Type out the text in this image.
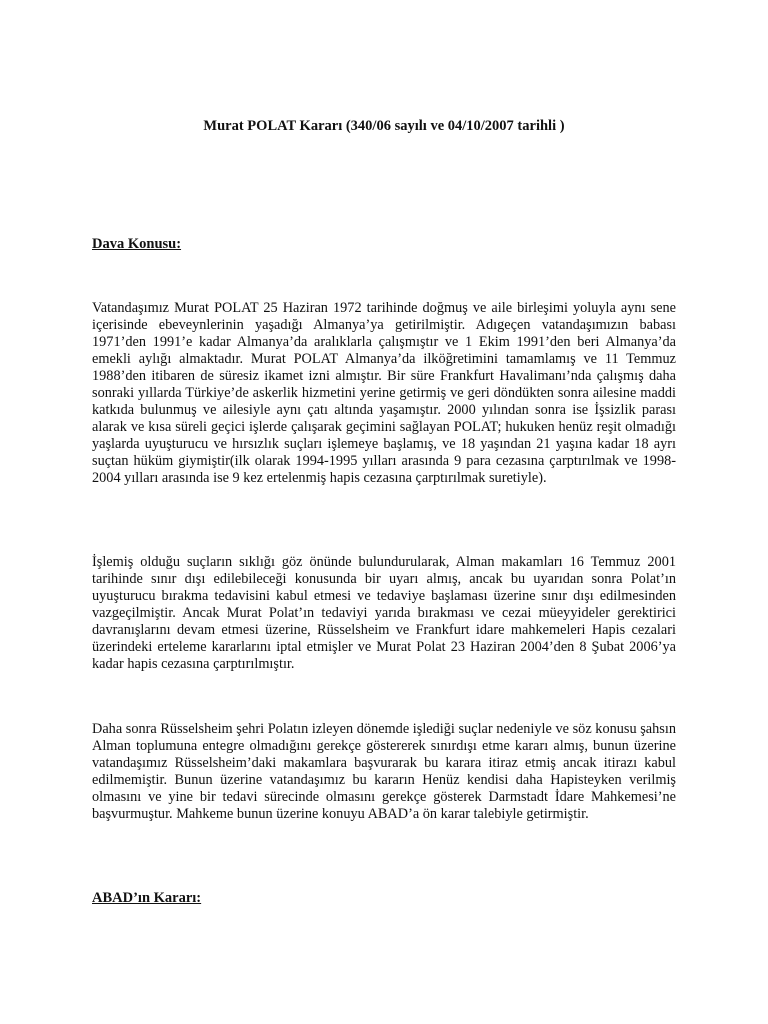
Murat POLAT Kararı (340/06 sayılı ve 04/10/2007 tarihli )
Dava Konusu:

Vatandaşımız Murat POLAT 25 Haziran 1972 tarihinde doğmuş ve aile birleşimi yoluyla aynı sene içerisinde ebeveynlerinin yaşadığı Almanya’ya getirilmiştir. Adıgeçen vatandaşımızın babası 1971’den 1991’e kadar Almanya’da aralıklarla çalışmıştır ve 1 Ekim 1991’den beri Almanya’da emekli aylığı almaktadır. Murat POLAT Almanya’da ilköğretimini tamamlamış ve 11 Temmuz 1988’den itibaren de süresiz ikamet izni almıştır. Bir süre Frankfurt Havalimanı’nda çalışmış daha sonraki yıllarda Türkiye’de askerlik hizmetini yerine getirmiş ve geri döndükten sonra ailesine maddi katkıda bulunmuş ve ailesiyle aynı çatı altında yaşamıştır. 2000 yılından sonra ise İşsizlik parası alarak ve kısa süreli geçici işlerde çalışarak geçimini sağlayan POLAT; hukuken henüz reşit olmadığı yaşlarda uyuşturucu ve hırsızlık suçları işlemeye başlamış, ve 18 yaşından 21 yaşına kadar 18 ayrı suçtan hüküm giymiştir(ilk olarak 1994-1995 yılları arasında 9 para cezasına çarptırılmak ve 1998-2004 yılları arasında ise 9 kez ertelenmiş hapis cezasına çarptırılmak suretiyle).

İşlemiş olduğu suçların sıklığı göz önünde bulundurularak, Alman makamları 16 Temmuz 2001 tarihinde sınır dışı edilebileceği konusunda bir uyarı almış, ancak bu uyarıdan sonra Polat’ın uyuşturucu bırakma tedavisini kabul etmesi ve tedaviye başlaması üzerine sınır dışı edilmesinden vazgeçilmiştir. Ancak Murat Polat’ın tedaviyi yarıda bırakması ve cezai müeyyideler gerektirici davranışlarını devam etmesi üzerine, Rüsselsheim ve Frankfurt idare mahkemeleri Hapis cezalari üzerindeki erteleme kararlarını iptal etmişler ve Murat Polat 23 Haziran 2004’den 8 Şubat 2006’ya kadar hapis cezasına çarptırılmıştır.

Daha sonra Rüsselsheim şehri Polatın izleyen dönemde işlediği suçlar nedeniyle ve söz konusu şahsın Alman toplumuna entegre olmadığını gerekçe göstererek sınırdışı etme kararı almış, bunun üzerine vatandaşımız Rüsselsheim’daki makamlara başvurarak bu karara itiraz etmiş ancak itirazı kabul edilmemiştir. Bunun üzerine vatandaşımız bu kararın Henüz kendisi daha Hapisteyken verilmiş olmasını ve yine bir tedavi sürecinde olmasını gerekçe gösterek Darmstadt İdare Mahkemesi’ne başvurmuştur. Mahkeme bunun üzerine konuyu ABAD’a ön karar talebiyle getirmiştir.

ABAD’ın Kararı:
